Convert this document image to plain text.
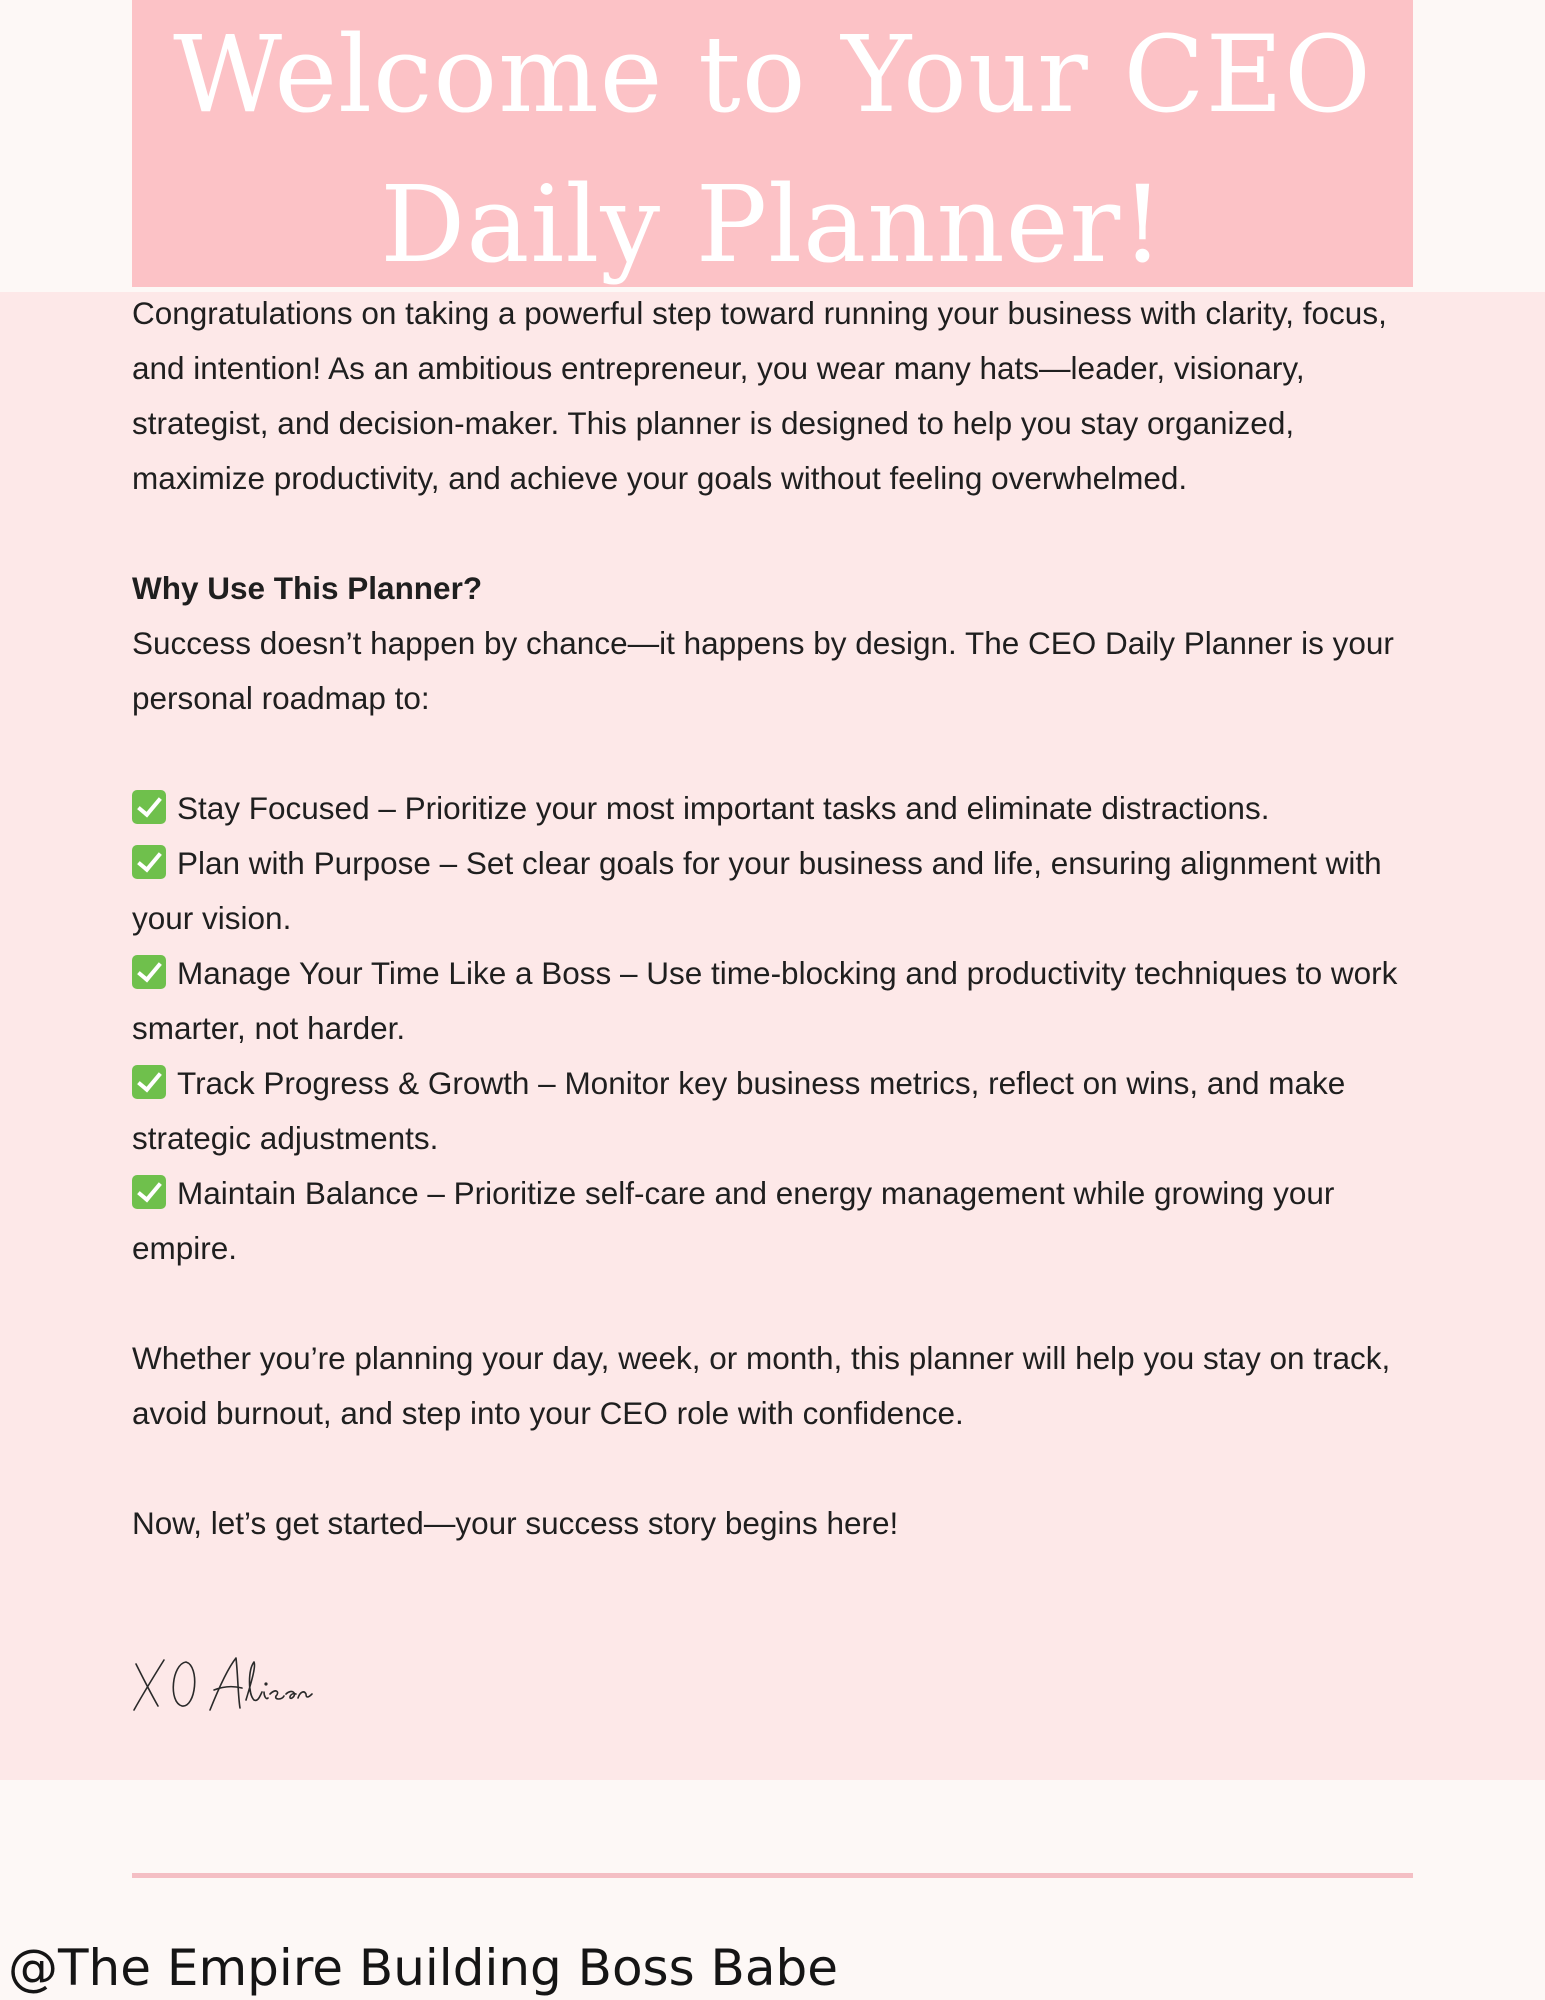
Welcome to Your CEO
Daily Planner!

Congratulations on taking a powerful step toward running your business with clarity, focus, and intention! As an ambitious entrepreneur, you wear many hats—leader, visionary, strategist, and decision-maker. This planner is designed to help you stay organized, maximize productivity, and achieve your goals without feeling overwhelmed.

Why Use This Planner?

Success doesn’t happen by chance—it happens by design. The CEO Daily Planner is your personal roadmap to:

Stay Focused – Prioritize your most important tasks and eliminate distractions.

Plan with Purpose – Set clear goals for your business and life, ensuring alignment with your vision.

Manage Your Time Like a Boss – Use time-blocking and productivity techniques to work smarter, not harder.

Track Progress & Growth – Monitor key business metrics, reflect on wins, and make strategic adjustments.

Maintain Balance – Prioritize self-care and energy management while growing your empire.

Whether you’re planning your day, week, or month, this planner will help you stay on track, avoid burnout, and step into your CEO role with confidence.

Now, let’s get started—your success story begins here!

@The Empire Building Boss Babe
